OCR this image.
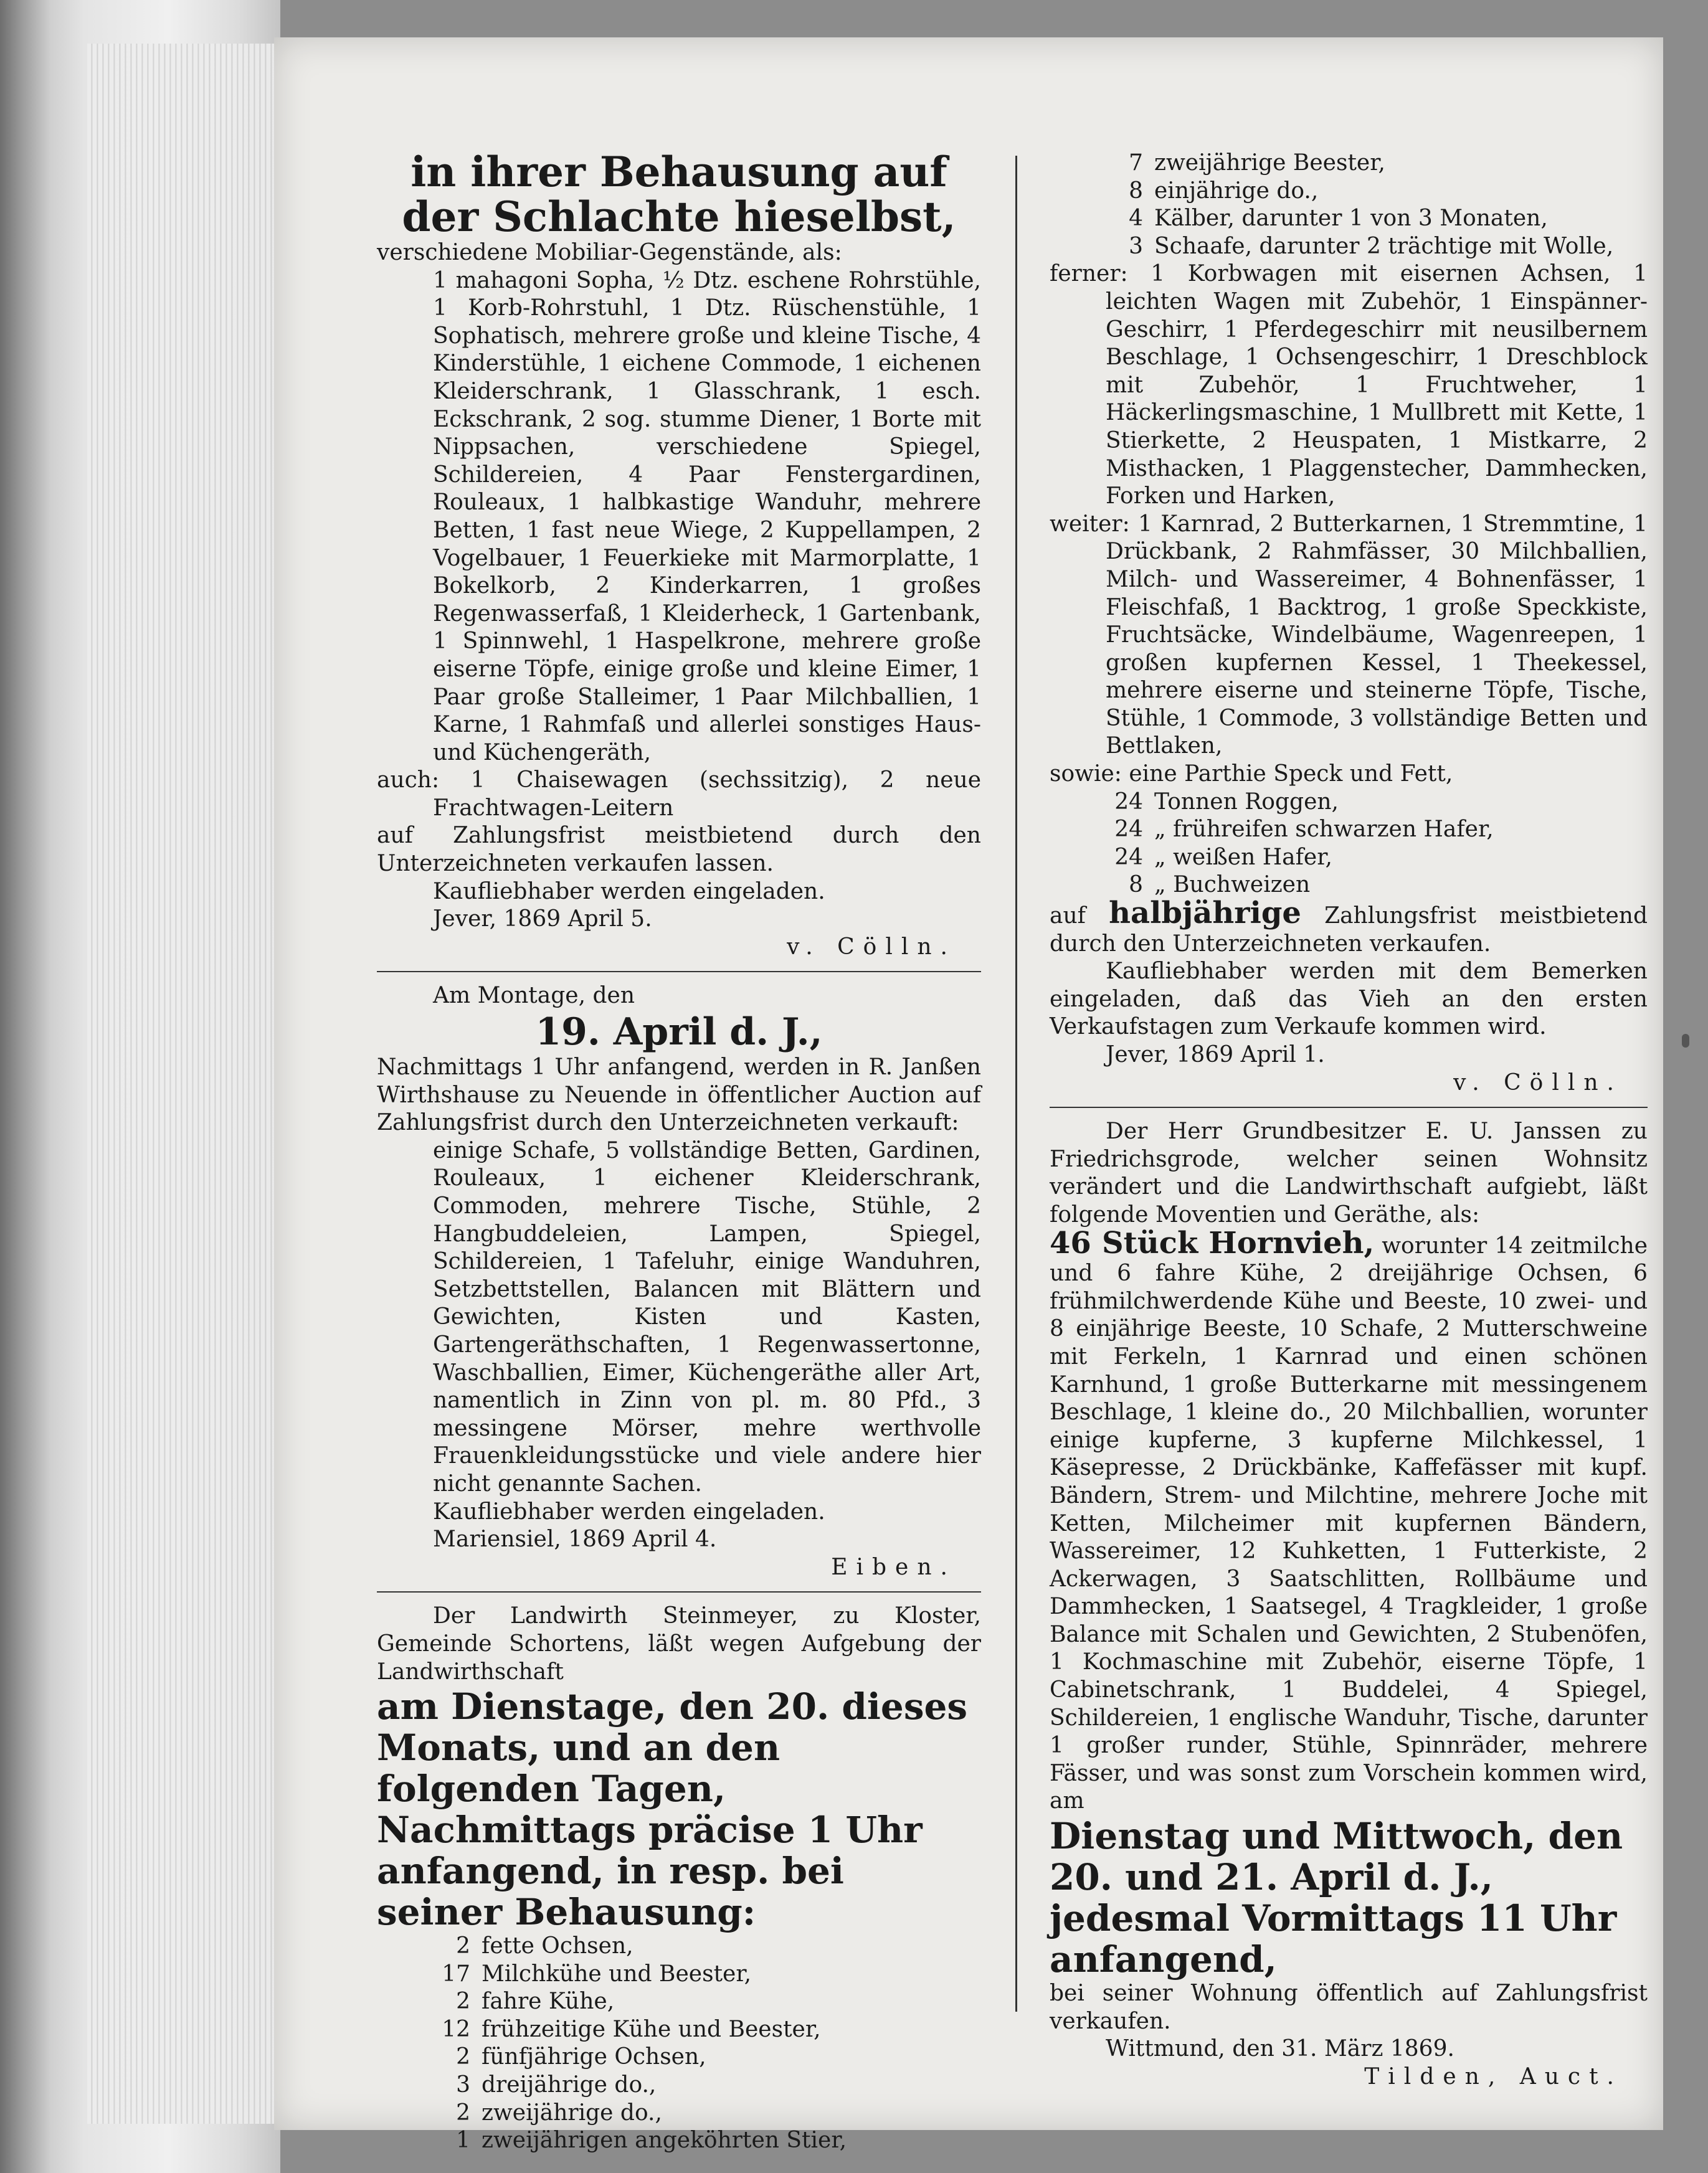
in ihrer Behausung auf der Schlachte hieselbst,

verschiedene Mobiliar-Gegenstände, als:

1 mahagoni Sopha, ½ Dtz. eschene Rohrstühle, 1 Korb-Rohrstuhl, 1 Dtz. Rüschenstühle, 1 Sophatisch, mehrere große und kleine Tische, 4 Kinderstühle, 1 eichene Commode, 1 eichenen Kleiderschrank, 1 Glasschrank, 1 esch. Eckschrank, 2 sog. stumme Diener, 1 Borte mit Nippsachen, verschiedene Spiegel, Schildereien, 4 Paar Fenstergardinen, Rouleaux, 1 halbkastige Wanduhr, mehrere Betten, 1 fast neue Wiege, 2 Kuppellampen, 2 Vogelbauer, 1 Feuerkieke mit Marmorplatte, 1 Bokelkorb, 2 Kinderkarren, 1 großes Regenwasserfaß, 1 Kleiderheck, 1 Gartenbank, 1 Spinnwehl, 1 Haspelkrone, mehrere große eiserne Töpfe, einige große und kleine Eimer, 1 Paar große Stalleimer, 1 Paar Milchballien, 1 Karne, 1 Rahmfaß und allerlei sonstiges Haus- und Küchengeräth,

auch: 1 Chaisewagen (sechssitzig), 2 neue Frachtwagen-Leitern

auf Zahlungsfrist meistbietend durch den Unterzeichneten verkaufen lassen.

Kaufliebhaber werden eingeladen.

Jever, 1869 April 5.

v. Cölln.

Am Montage, den

19. April d. J.,

Nachmittags 1 Uhr anfangend, werden in R. Janßen Wirthshause zu Neuende in öffentlicher Auction auf Zahlungsfrist durch den Unterzeichneten verkauft:

einige Schafe, 5 vollständige Betten, Gardinen, Rouleaux, 1 eichener Kleiderschrank, Commoden, mehrere Tische, Stühle, 2 Hangbuddeleien, Lampen, Spiegel, Schildereien, 1 Tafeluhr, einige Wanduhren, Setzbettstellen, Balancen mit Blättern und Gewichten, Kisten und Kasten, Gartengeräthschaften, 1 Regenwassertonne, Waschballien, Eimer, Küchengeräthe aller Art, namentlich in Zinn von pl. m. 80 Pfd., 3 messingene Mörser, mehre werthvolle Frauenkleidungsstücke und viele andere hier nicht genannte Sachen.

Kaufliebhaber werden eingeladen.

Mariensiel, 1869 April 4.

Eiben.

Der Landwirth Steinmeyer, zu Kloster, Gemeinde Schortens, läßt wegen Aufgebung der Landwirthschaft

am Dienstage, den 20. dieses Monats, und an den folgenden Tagen, Nachmittags präcise 1 Uhr anfangend, in resp. bei seiner Behausung:

2 fette Ochsen,
17 Milchkühe und Beester,
2 fahre Kühe,
12 frühzeitige Kühe und Beester,
2 fünfjährige Ochsen,
3 dreijährige do.,
2 zweijährige do.,
1 zweijährigen angeköhrten Stier,
7 zweijährige Beester,
8 einjährige do.,
4 Kälber, darunter 1 von 3 Monaten,
3 Schaafe, darunter 2 trächtige mit Wolle,

ferner: 1 Korbwagen mit eisernen Achsen, 1 leichten Wagen mit Zubehör, 1 Einspänner-Geschirr, 1 Pferdegeschirr mit neusilbernem Beschlage, 1 Ochsengeschirr, 1 Dreschblock mit Zubehör, 1 Fruchtweher, 1 Häckerlingsmaschine, 1 Mullbrett mit Kette, 1 Stierkette, 2 Heuspaten, 1 Mistkarre, 2 Misthacken, 1 Plaggenstecher, Dammhecken, Forken und Harken,

weiter: 1 Karnrad, 2 Butterkarnen, 1 Stremmtine, 1 Drückbank, 2 Rahmfässer, 30 Milchballien, Milch- und Wassereimer, 4 Bohnenfässer, 1 Fleischfaß, 1 Backtrog, 1 große Speckkiste, Fruchtsäcke, Windelbäume, Wagenreepen, 1 großen kupfernen Kessel, 1 Theekessel, mehrere eiserne und steinerne Töpfe, Tische, Stühle, 1 Commode, 3 vollständige Betten und Bettlaken,

sowie: eine Parthie Speck und Fett,

24 Tonnen Roggen,
24 „ frühreifen schwarzen Hafer,
24 „ weißen Hafer,
8 „ Buchweizen

auf halbjährige Zahlungsfrist meistbietend durch den Unterzeichneten verkaufen.

Kaufliebhaber werden mit dem Bemerken eingeladen, daß das Vieh an den ersten Verkaufstagen zum Verkaufe kommen wird.

Jever, 1869 April 1.

v. Cölln.

Der Herr Grundbesitzer E. U. Janssen zu Friedrichsgrode, welcher seinen Wohnsitz verändert und die Landwirthschaft aufgiebt, läßt folgende Moventien und Geräthe, als:

46 Stück Hornvieh, worunter 14 zeitmilche und 6 fahre Kühe, 2 dreijährige Ochsen, 6 frühmilchwerdende Kühe und Beeste, 10 zwei- und 8 einjährige Beeste, 10 Schafe, 2 Mutterschweine mit Ferkeln, 1 Karnrad und einen schönen Karnhund, 1 große Butterkarne mit messingenem Beschlage, 1 kleine do., 20 Milchballien, worunter einige kupferne, 3 kupferne Milchkessel, 1 Käsepresse, 2 Drückbänke, Kaffefässer mit kupf. Bändern, Strem- und Milchtine, mehrere Joche mit Ketten, Milcheimer mit kupfernen Bändern, Wassereimer, 12 Kuhketten, 1 Futterkiste, 2 Ackerwagen, 3 Saatschlitten, Rollbäume und Dammhecken, 1 Saatsegel, 4 Tragkleider, 1 große Balance mit Schalen und Gewichten, 2 Stubenöfen, 1 Kochmaschine mit Zubehör, eiserne Töpfe, 1 Cabinetschrank, 1 Buddelei, 4 Spiegel, Schildereien, 1 englische Wanduhr, Tische, darunter 1 großer runder, Stühle, Spinnräder, mehrere Fässer, und was sonst zum Vorschein kommen wird, am

Dienstag und Mittwoch, den 20. und 21. April d. J., jedesmal Vormittags 11 Uhr anfangend,

bei seiner Wohnung öffentlich auf Zahlungsfrist verkaufen.

Wittmund, den 31. März 1869.

Tilden, Auct.
